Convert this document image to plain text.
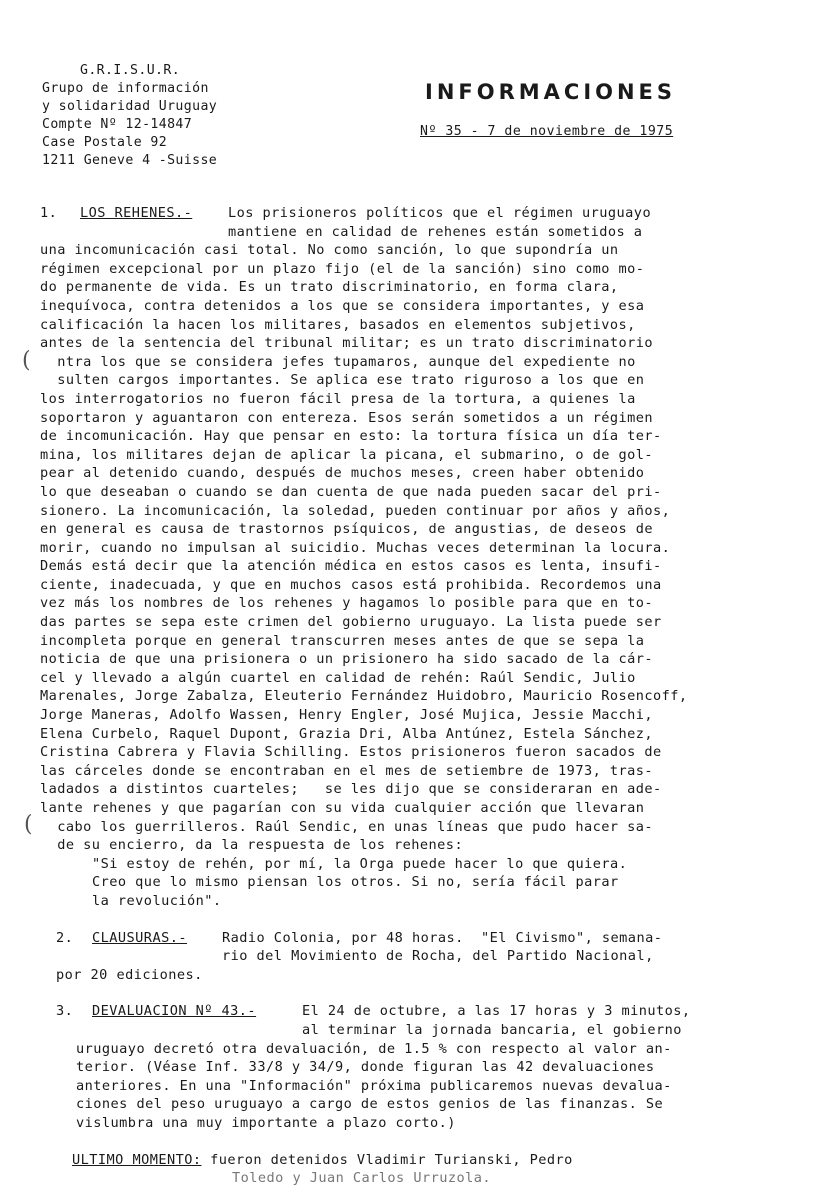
G.R.I.S.U.R.
Grupo de información
y solidaridad Uruguay
Compte Nº 12-14847
Case Postale 92
1211 Geneve 4 -Suisse
INFORMACIONES
Nº 35 - 7 de noviembre de 1975
(
(
1. LOS REHENES.-	Los prisioneros políticos que el régimen uruguayo
mantiene en calidad de rehenes están sometidos a
una incomunicación casi total. No como sanción, lo que supondría un
régimen excepcional por un plazo fijo (el de la sanción) sino como mo-
do permanente de vida. Es un trato discriminatorio, en forma clara,
inequívoca, contra detenidos a los que se considera importantes, y esa
calificación la hacen los militares, basados en elementos subjetivos,
antes de la sentencia del tribunal militar; es un trato discriminatorio
ntra los que se considera jefes tupamaros, aunque del expediente no
sulten cargos importantes. Se aplica ese trato riguroso a los que en
los interrogatorios no fueron fácil presa de la tortura, a quienes la
soportaron y aguantaron con entereza. Esos serán sometidos a un régimen
de incomunicación. Hay que pensar en esto: la tortura física un día ter-
mina, los militares dejan de aplicar la picana, el submarino, o de gol-
pear al detenido cuando, después de muchos meses, creen haber obtenido
lo que deseaban o cuando se dan cuenta de que nada pueden sacar del pri-
sionero. La incomunicación, la soledad, pueden continuar por años y años,
en general es causa de trastornos psíquicos, de angustias, de deseos de
morir, cuando no impulsan al suicidio. Muchas veces determinan la locura.
Demás está decir que la atención médica en estos casos es lenta, insufi-
ciente, inadecuada, y que en muchos casos está prohibida. Recordemos una
vez más los nombres de los rehenes y hagamos lo posible para que en to-
das partes se sepa este crimen del gobierno uruguayo. La lista puede ser
incompleta porque en general transcurren meses antes de que se sepa la
noticia de que una prisionera o un prisionero ha sido sacado de la cár-
cel y llevado a algún cuartel en calidad de rehén: Raúl Sendic, Julio
Marenales, Jorge Zabalza, Eleuterio Fernández Huidobro, Mauricio Rosencoff,
Jorge Maneras, Adolfo Wassen, Henry Engler, José Mujica, Jessie Macchi,
Elena Curbelo, Raquel Dupont, Grazia Dri, Alba Antúnez, Estela Sánchez,
Cristina Cabrera y Flavia Schilling. Estos prisioneros fueron sacados de
las cárceles donde se encontraban en el mes de setiembre de 1973, tras-
ladados a distintos cuarteles;   se les dijo que se consideraran en ade-
lante rehenes y que pagarían con su vida cualquier acción que llevaran
cabo los guerrilleros. Raúl Sendic, en unas líneas que pudo hacer sa-
de su encierro, da la respuesta de los rehenes:
"Si estoy de rehén, por mí, la Orga puede hacer lo que quiera.
Creo que lo mismo piensan los otros. Si no, sería fácil parar
la revolución".
2. CLAUSURAS.-	Radio Colonia, por 48 horas.  "El Civismo", semana-
rio del Movimiento de Rocha, del Partido Nacional,
por 20 ediciones.
3. DEVALUACION Nº 43.-	El 24 de octubre, a las 17 horas y 3 minutos,
al terminar la jornada bancaria, el gobierno
uruguayo decretó otra devaluación, de 1.5 % con respecto al valor an-
terior. (Véase Inf. 33/8 y 34/9, donde figuran las 42 devaluaciones
anteriores. En una "Información" próxima publicaremos nuevas devalua-
ciones del peso uruguayo a cargo de estos genios de las finanzas. Se
vislumbra una muy importante a plazo corto.)
ULTIMO MOMENTO: fueron detenidos Vladimir Turianski, Pedro
Toledo y Juan Carlos Urruzola.
